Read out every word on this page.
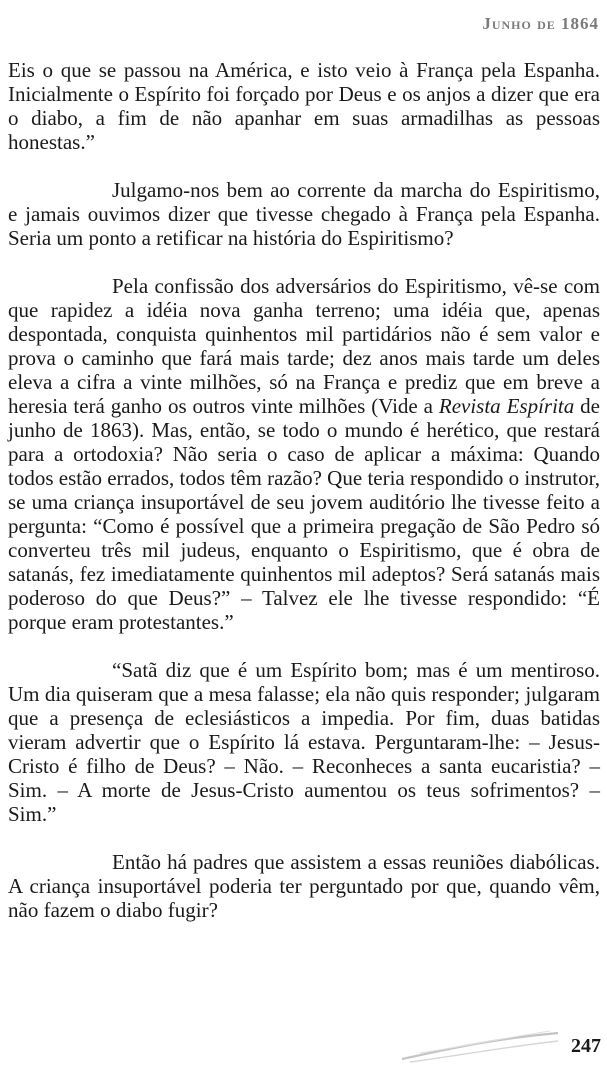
Junho de 1864

Eis o que se passou na América, e isto veio à França pela Espanha. Inicialmente o Espírito foi forçado por Deus e os anjos a dizer que era o diabo, a fim de não apanhar em suas armadilhas as pessoas honestas.”

Julgamo-nos bem ao corrente da marcha do Espiritismo, e jamais ouvimos dizer que tivesse chegado à França pela Espanha. Seria um ponto a retificar na história do Espiritismo?

Pela confissão dos adversários do Espiritismo, vê-se com que rapidez a idéia nova ganha terreno; uma idéia que, apenas despontada, conquista quinhentos mil partidários não é sem valor e prova o caminho que fará mais tarde; dez anos mais tarde um deles eleva a cifra a vinte milhões, só na França e prediz que em breve a heresia terá ganho os outros vinte milhões (Vide a Revista Espírita de junho de 1863). Mas, então, se todo o mundo é herético, que restará para a ortodoxia? Não seria o caso de aplicar a máxima: Quando todos estão errados, todos têm razão? Que teria respondido o instrutor, se uma criança insuportável de seu jovem auditório lhe tivesse feito a pergunta: “Como é possível que a primeira pregação de São Pedro só converteu três mil judeus, enquanto o Espiritismo, que é obra de satanás, fez imediatamente quinhentos mil adeptos? Será satanás mais poderoso do que Deus?” – Talvez ele lhe tivesse respondido: “É porque eram protestantes.”

“Satã diz que é um Espírito bom; mas é um mentiroso. Um dia quiseram que a mesa falasse; ela não quis responder; julgaram que a presença de eclesiásticos a impedia. Por fim, duas batidas vieram advertir que o Espírito lá estava. Perguntaram-lhe: – Jesus-Cristo é filho de Deus? – Não. – Reconheces a santa eucaristia? – Sim. – A morte de Jesus-Cristo aumentou os teus sofrimentos? – Sim.”

Então há padres que assistem a essas reuniões diabólicas. A criança insuportável poderia ter perguntado por que, quando vêm, não fazem o diabo fugir?

247
